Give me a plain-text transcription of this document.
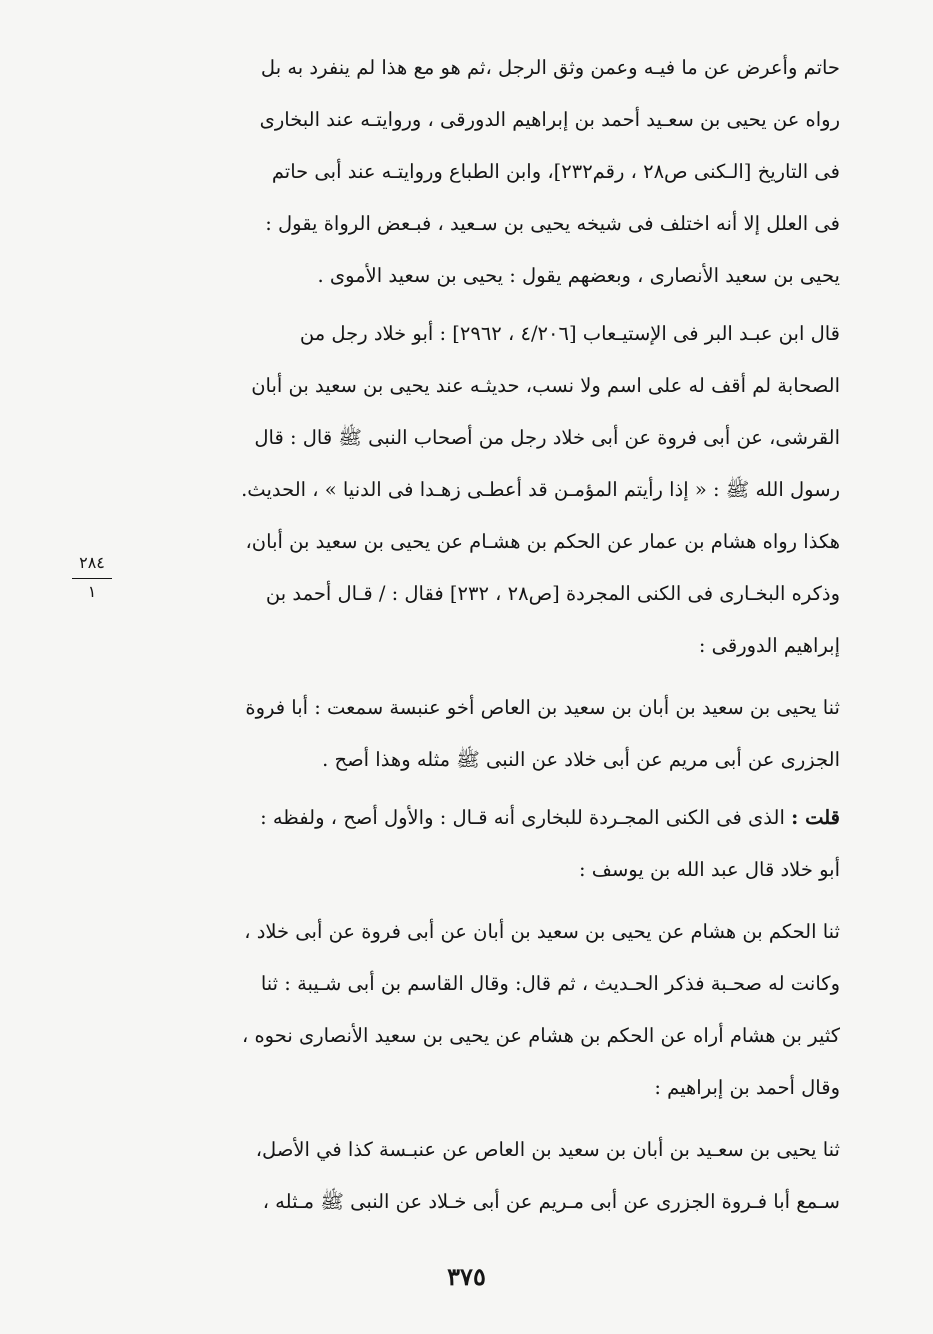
حاتم وأعرض عن ما فيـه وعمن وثق الرجل ،ثم هو مع هذا لم ينفرد به بل
رواه عن يحيى بن سعـيد أحمد بن إبراهيم الدورقى ، وروايتـه عند البخارى
فى التاريخ [الـكنى ص٢٨ ، رقم٢٣٢]، وابن الطباع وروايتـه عند أبى حاتم
فى العلل إلا أنه اختلف فى شيخه يحيى بن سـعيد ، فبـعض الرواة يقول :
يحيى بن سعيد الأنصارى ، وبعضهم يقول : يحيى بن سعيد الأموى .
قال ابن عبـد البر فى الإستيـعاب [٤/٢٠٦ ، ٢٩٦٢] : أبو خلاد رجل من
الصحابة لم أقف له على اسم ولا نسب، حديثـه عند يحيى بن سعيد بن أبان
القرشى، عن أبى فروة عن أبى خلاد رجل من أصحاب النبى ﷺ قال : قال
رسول الله ﷺ : « إذا رأيتم المؤمـن قد أعطـى زهـدا فى الدنيا » ، الحديث.
هكذا رواه هشام بن عمار عن الحكم بن هشـام عن يحيى بن سعيد بن أبان،
وذكره البخـارى فى الكنى المجردة [ص٢٨ ، ٢٣٢] فقال : / قـال أحمد بن
إبراهيم الدورقى :
ثنا يحيى بن سعيد بن أبان بن سعيد بن العاص أخو عنبسة سمعت : أبا فروة
الجزرى عن أبى مريم عن أبى خلاد عن النبى ﷺ مثله وهذا أصح .
قلت : الذى فى الكنى المجـردة للبخارى أنه قـال : والأول أصح ، ولفظه :
أبو خلاد قال عبد الله بن يوسف :
ثنا الحكم بن هشام عن يحيى بن سعيد بن أبان عن أبى فروة عن أبى خلاد ،
وكانت له صحـبة فذكر الحـديث ، ثم قال: وقال القاسم بن أبى شـيبة : ثنا
كثير بن هشام أراه عن الحكم بن هشام عن يحيى بن سعيد الأنصارى نحوه ،
وقال أحمد بن إبراهيم :
ثنا يحيى بن سعـيد بن أبان بن سعيد بن العاص عن عنبـسة كذا في الأصل،
سـمع أبا فـروة الجزرى عن أبى مـريم عن أبى خـلاد عن النبى ﷺ مـثله ،
٢٨٤
١
٣٧٥
